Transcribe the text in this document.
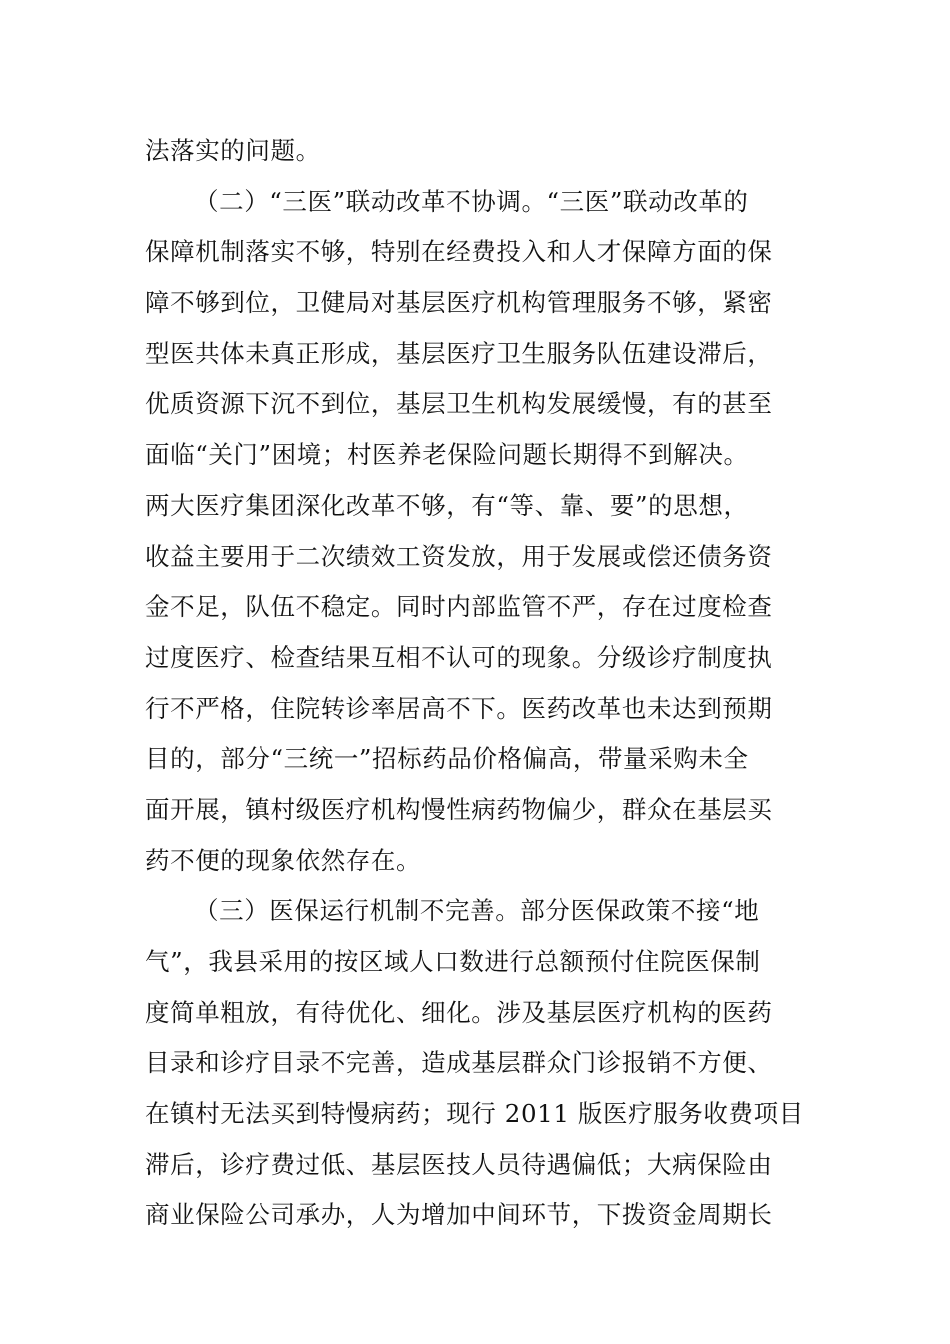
法落实的问题。
（二）“三医”联动改革不协调。“三医”联动改革的
保障机制落实不够，特别在经费投入和人才保障方面的保
障不够到位，卫健局对基层医疗机构管理服务不够，紧密
型医共体未真正形成，基层医疗卫生服务队伍建设滞后，
优质资源下沉不到位，基层卫生机构发展缓慢，有的甚至
面临“关门”困境；村医养老保险问题长期得不到解决。
两大医疗集团深化改革不够，有“等、靠、要”的思想，
收益主要用于二次绩效工资发放，用于发展或偿还债务资
金不足，队伍不稳定。同时内部监管不严，存在过度检查
过度医疗、检查结果互相不认可的现象。分级诊疗制度执
行不严格，住院转诊率居高不下。医药改革也未达到预期
目的，部分“三统一”招标药品价格偏高，带量采购未全
面开展，镇村级医疗机构慢性病药物偏少，群众在基层买
药不便的现象依然存在。
（三）医保运行机制不完善。部分医保政策不接“地
气”，我县采用的按区域人口数进行总额预付住院医保制
度简单粗放，有待优化、细化。涉及基层医疗机构的医药
目录和诊疗目录不完善，造成基层群众门诊报销不方便、
在镇村无法买到特慢病药；现行 2011 版医疗服务收费项目
滞后，诊疗费过低、基层医技人员待遇偏低；大病保险由
商业保险公司承办，人为增加中间环节，下拨资金周期长
